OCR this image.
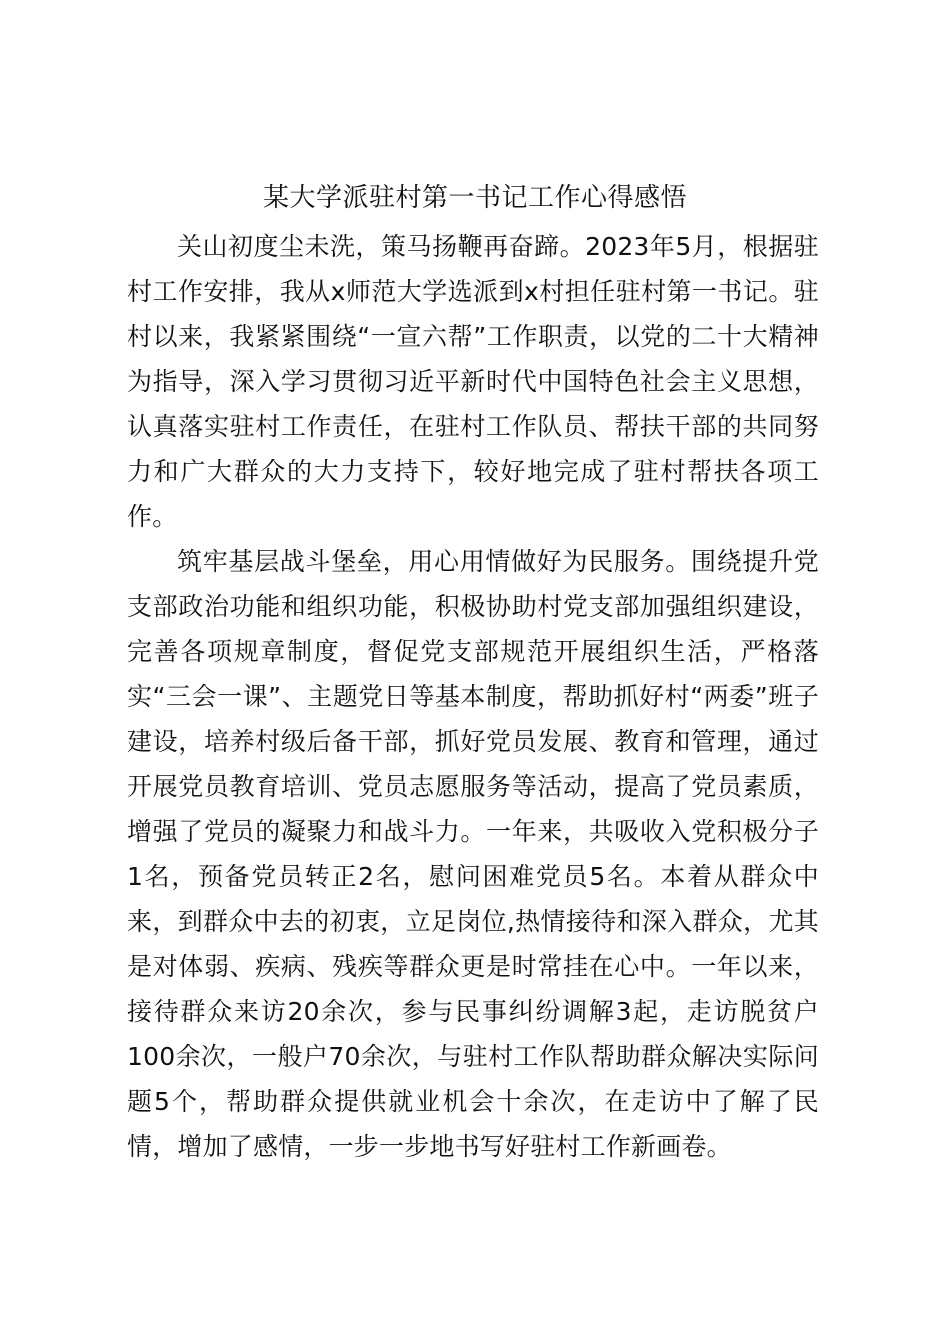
某大学派驻村第一书记工作心得感悟

关山初度尘未洗，策马扬鞭再奋蹄。2023年5月，根据驻村工作安排，我从x师范大学选派到x村担任驻村第一书记。驻村以来，我紧紧围绕“一宣六帮”工作职责，以党的二十大精神为指导，深入学习贯彻习近平新时代中国特色社会主义思想，认真落实驻村工作责任，在驻村工作队员、帮扶干部的共同努力和广大群众的大力支持下，较好地完成了驻村帮扶各项工作。

筑牢基层战斗堡垒，用心用情做好为民服务。围绕提升党支部政治功能和组织功能，积极协助村党支部加强组织建设，完善各项规章制度，督促党支部规范开展组织生活，严格落实“三会一课”、主题党日等基本制度，帮助抓好村“两委”班子建设，培养村级后备干部，抓好党员发展、教育和管理，通过开展党员教育培训、党员志愿服务等活动，提高了党员素质，增强了党员的凝聚力和战斗力。一年来，共吸收入党积极分子1名，预备党员转正2名，慰问困难党员5名。本着从群众中来，到群众中去的初衷，立足岗位,热情接待和深入群众，尤其是对体弱、疾病、残疾等群众更是时常挂在心中。一年以来，接待群众来访20余次，参与民事纠纷调解3起，走访脱贫户100余次，一般户70余次，与驻村工作队帮助群众解决实际问题5个，帮助群众提供就业机会十余次，在走访中了解了民情，增加了感情，一步一步地书写好驻村工作新画卷。
